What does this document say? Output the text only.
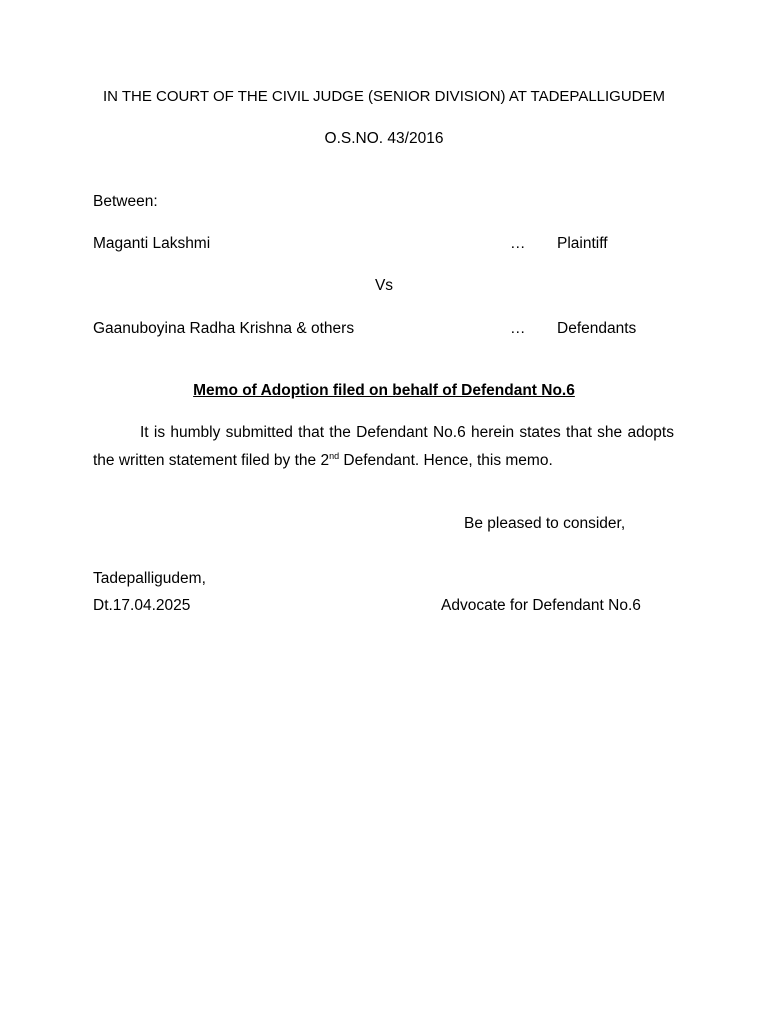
IN THE COURT OF THE CIVIL JUDGE (SENIOR DIVISION) AT TADEPALLIGUDEM
O.S.NO. 43/2016
Between:
Maganti Lakshmi	… Plaintiff
Vs
Gaanuboyina Radha Krishna & others	… Defendants
Memo of Adoption filed on behalf of Defendant No.6

It is humbly submitted that the Defendant No.6 herein states that she adopts the written statement filed by the 2nd Defendant. Hence, this memo.

Be pleased to consider,
Tadepalligudem,
Dt.17.04.2025	Advocate for Defendant No.6
